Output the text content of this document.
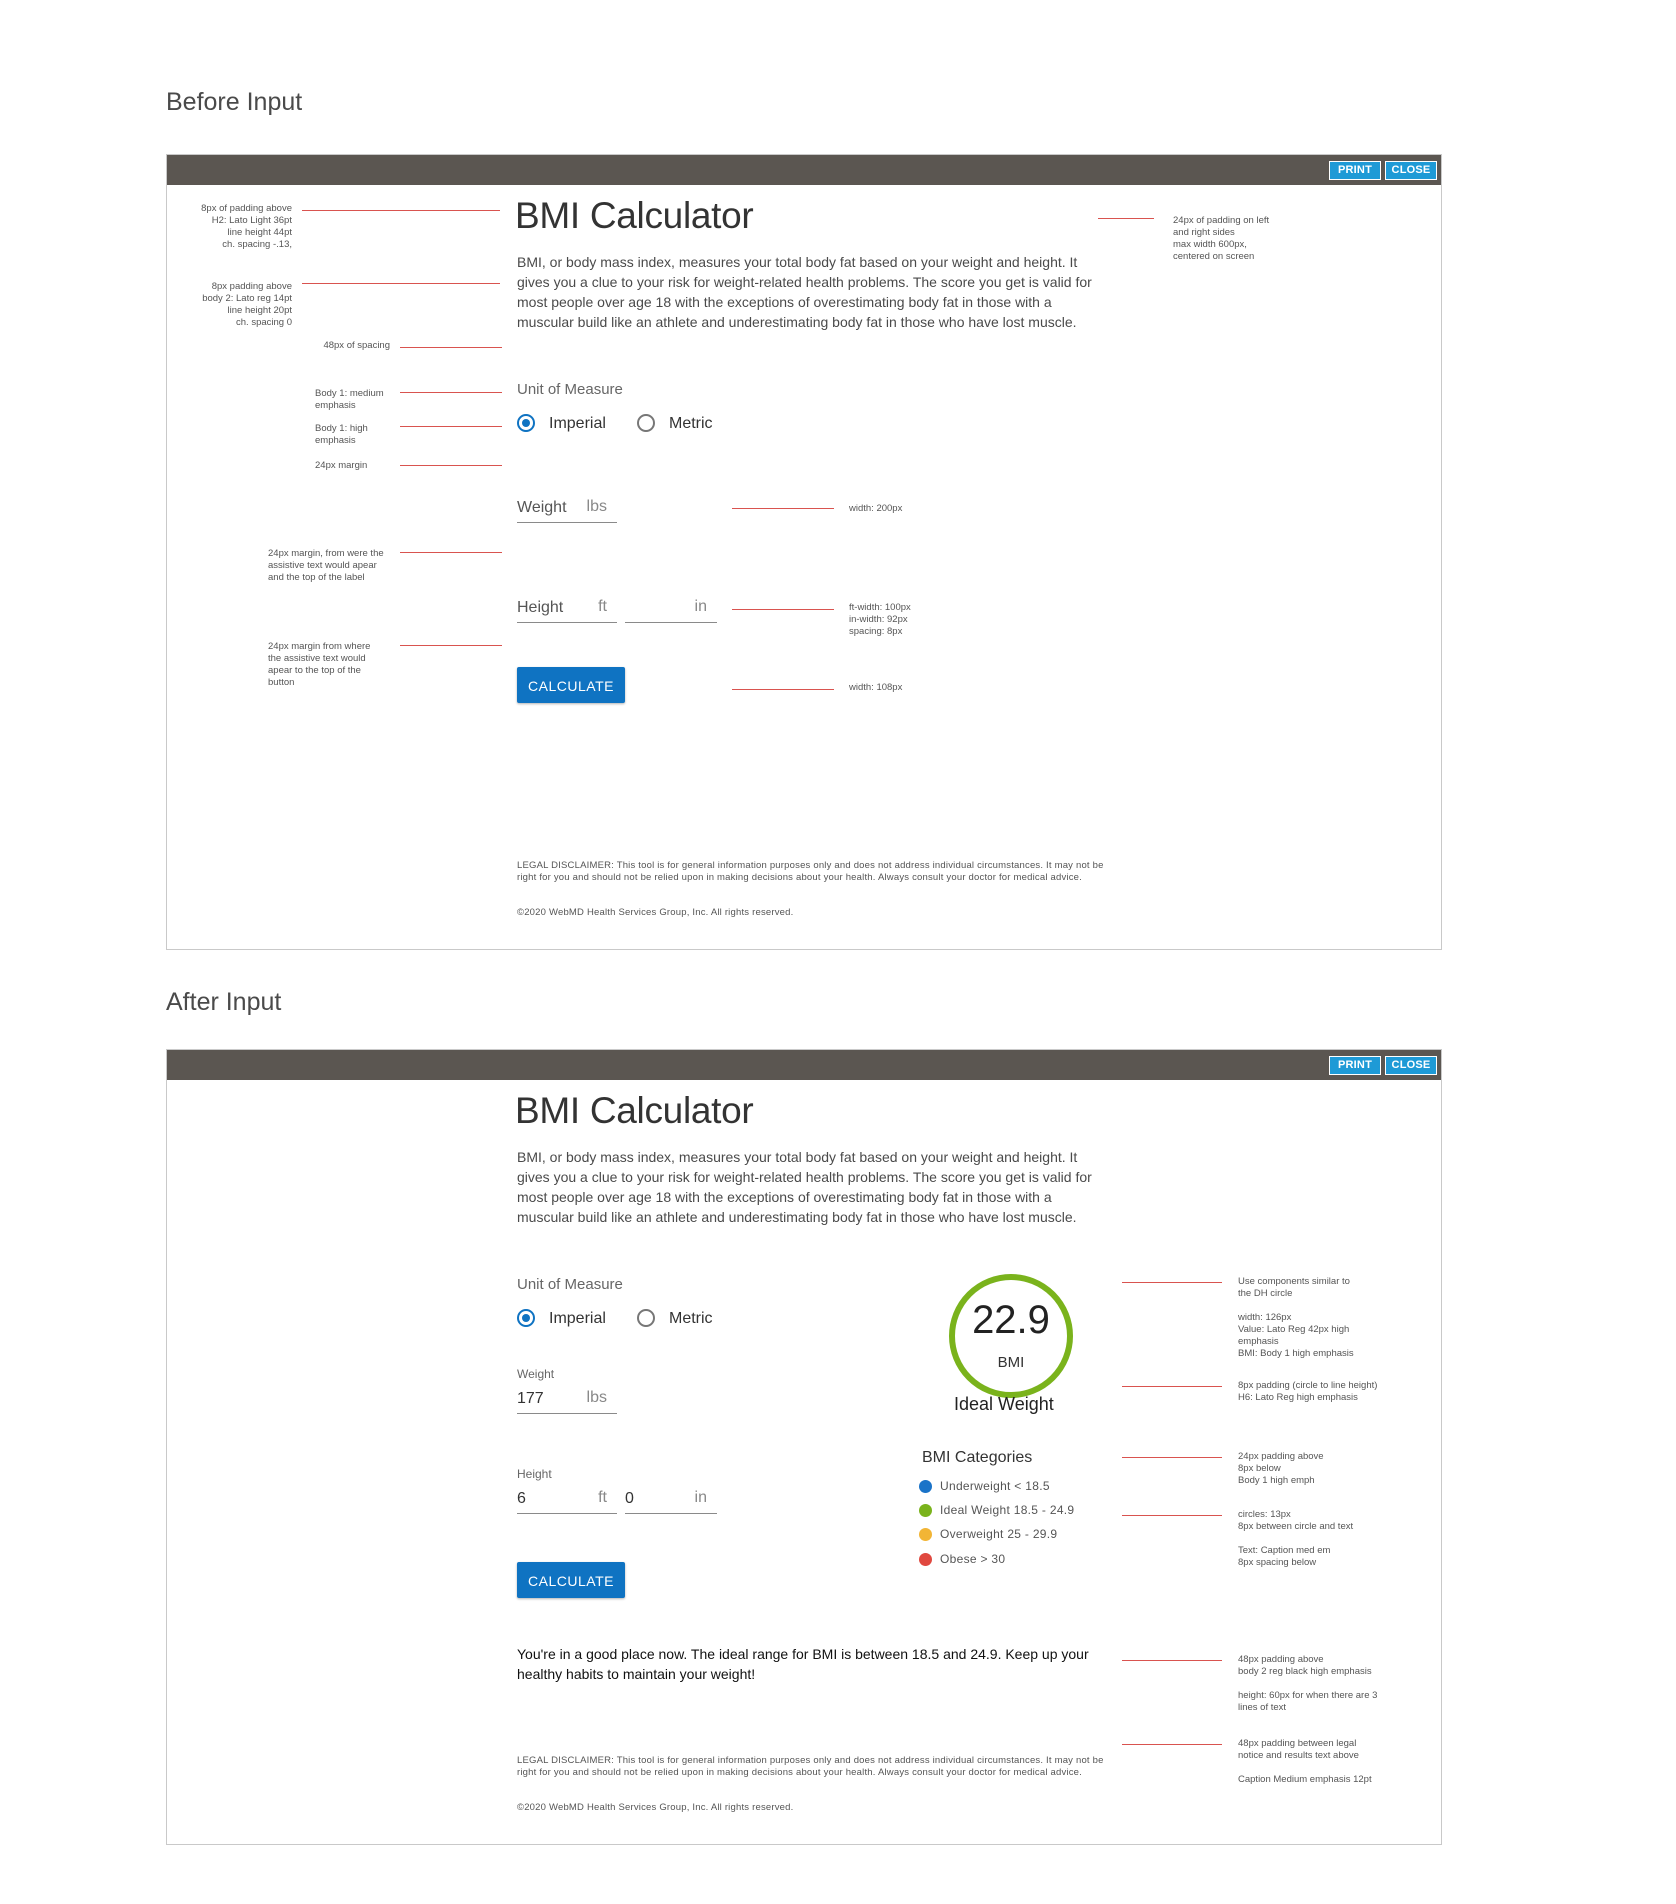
Before Input
PRINT	CLOSE
BMI Calculator

BMI, or body mass index, measures your total body fat based on your weight and height. It gives you a clue to your risk for weight-related health problems. The score you get is valid for most people over age 18 with the exceptions of overestimating body fat in those with a muscular build like an athlete and underestimating body fat in those who have lost muscle.

Unit of Measure
Imperial	Metric
Weight lbs
Height ft	in
CALCULATE

LEGAL DISCLAIMER: This tool is for general information purposes only and does not address individual circumstances. It may not be right for you and should not be relied upon in making decisions about your health. Always consult your doctor for medical advice.

©2020 WebMD Health Services Group, Inc. All rights reserved.
8px of padding above
H2: Lato Light 36pt
line height 44pt
ch. spacing -.13,
8px padding above
body 2: Lato reg 14pt
line height 20pt
ch. spacing 0
48px of spacing
Body 1: medium
emphasis
Body 1: high
emphasis
24px margin
24px margin, from were the
assistive text would apear
and the top of the label
24px margin from where
the assistive text would
apear to the top of the
button
24px of padding on left
and right sides
max width 600px,
centered on screen
width: 200px
ft-width: 100px
in-width: 92px
spacing: 8px
width: 108px
After Input
PRINT	CLOSE
BMI Calculator

BMI, or body mass index, measures your total body fat based on your weight and height. It gives you a clue to your risk for weight-related health problems. The score you get is valid for most people over age 18 with the exceptions of overestimating body fat in those with a muscular build like an athlete and underestimating body fat in those who have lost muscle.

Unit of Measure
Imperial	Metric
Weight
177	lbs
Height
6	ft 0	in
CALCULATE
22.9
BMI
Ideal Weight
BMI Categories
Underweight < 18.5
Ideal Weight 18.5 - 24.9
Overweight 25 - 29.9
Obese > 30

You're in a good place now. The ideal range for BMI is between 18.5 and 24.9. Keep up your healthy habits to maintain your weight!

LEGAL DISCLAIMER: This tool is for general information purposes only and does not address individual circumstances. It may not be right for you and should not be relied upon in making decisions about your health. Always consult your doctor for medical advice.

©2020 WebMD Health Services Group, Inc. All rights reserved.
Use components similar to
the DH circle

width: 126px
Value: Lato Reg 42px high
emphasis
BMI: Body 1 high emphasis
8px padding (circle to line height)
H6: Lato Reg high emphasis
24px padding above
8px below
Body 1 high emph
circles: 13px
8px between circle and text

Text: Caption med em
8px spacing below
48px padding above
body 2 reg black high emphasis

height: 60px for when there are 3
lines of text
48px padding between legal
notice and results text above

Caption Medium emphasis 12pt
